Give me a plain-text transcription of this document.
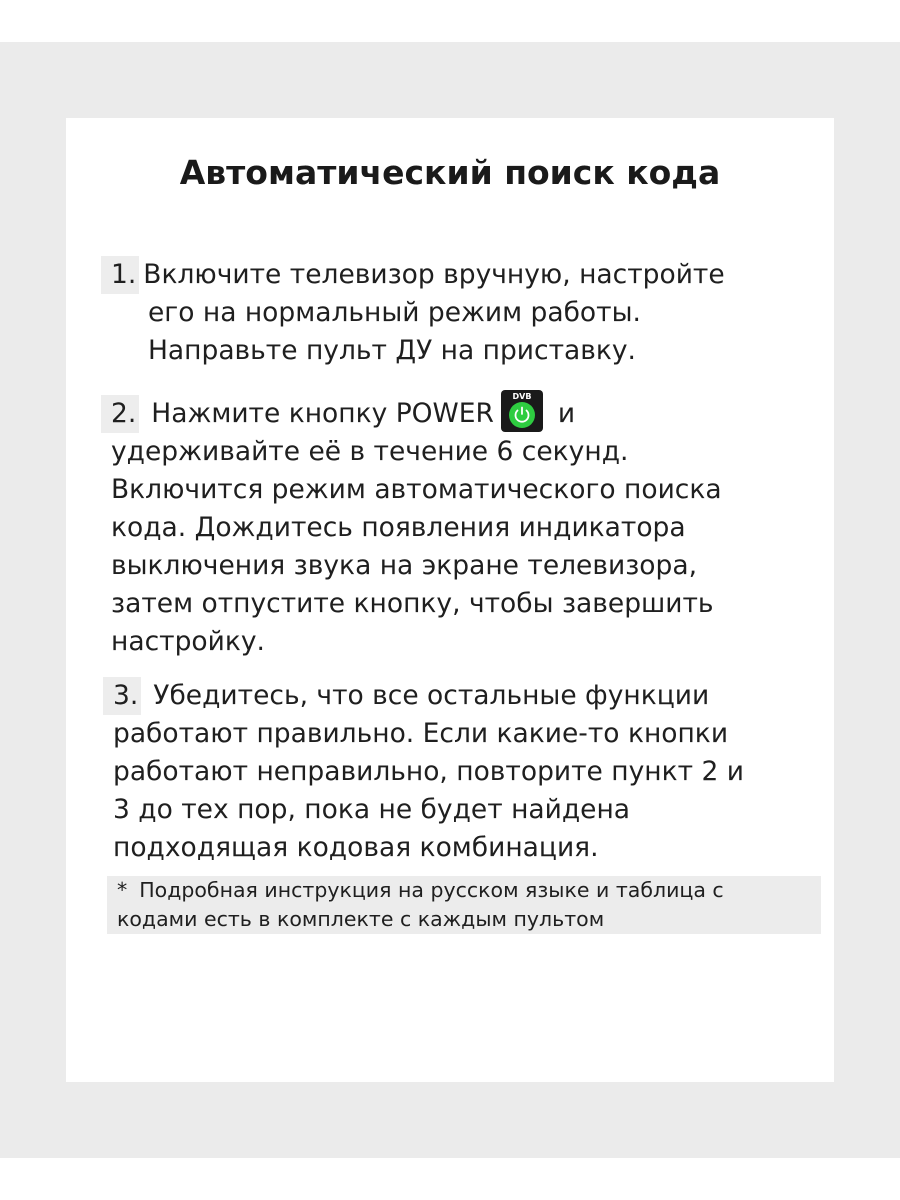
Автоматический поиск кода
1. Включите телевизор вручную, настройте
его на нормальный режим работы.
Направьте пульт ДУ на приставку.
2. Нажмите кнопку POWER
DVB
и
удерживайте её в течение 6 секунд.
Включится режим автоматического поиска
кода. Дождитесь появления индикатора
выключения звука на экране телевизора,
затем отпустите кнопку, чтобы завершить
настройку.
3. Убедитесь, что все остальные функции
работают правильно. Если какие-то кнопки
работают неправильно, повторите пункт 2 и
3 до тех пор, пока не будет найдена
подходящая кодовая комбинация.
* Подробная инструкция на русском языке и таблица с
кодами есть в комплекте с каждым пультом
